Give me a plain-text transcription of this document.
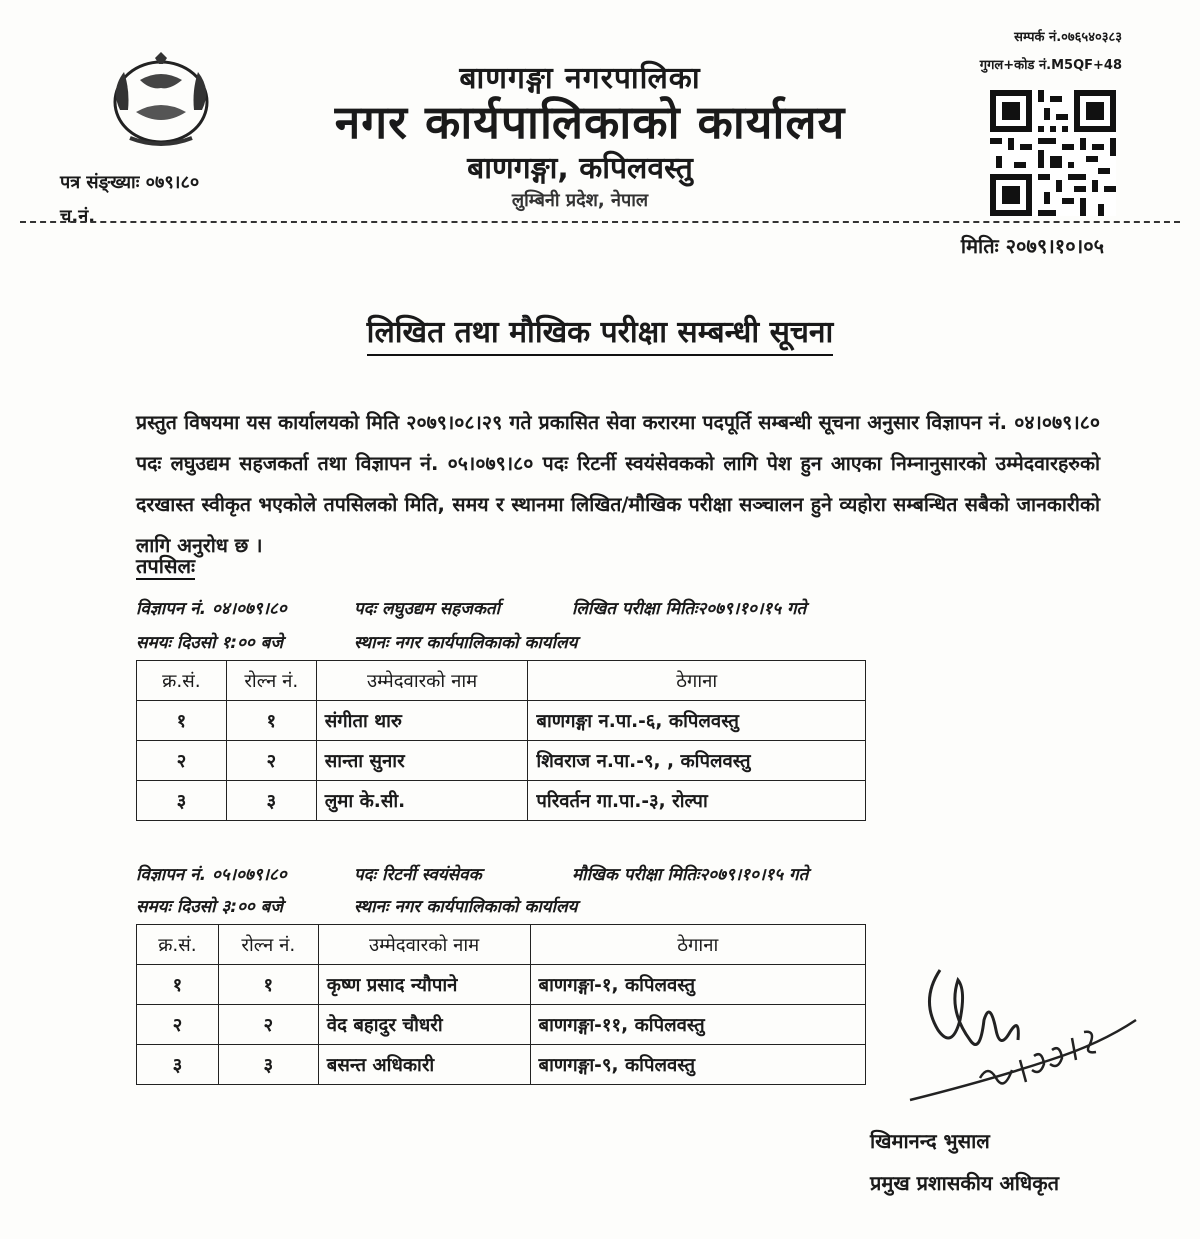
बाणगङ्गा नगरपालिका
नगर कार्यपालिकाको कार्यालय
बाणगङ्गा, कपिलवस्तु
लुम्बिनी प्रदेश, नेपाल
सम्पर्क नं.०७६५४०३८३
गुगल+कोड नं.M5QF+48
पत्र संङ्ख्याः ०७९।८०
च.नं.
मितिः २०७९।१०।०५
लिखित तथा मौखिक परीक्षा सम्बन्धी सूचना
प्रस्तुत विषयमा यस कार्यालयको मिति २०७९।०८।२९ गते प्रकासित सेवा करारमा पदपूर्ति सम्बन्धी सूचना अनुसार विज्ञापन नं. ०४।०७९।८० पदः लघुउद्यम सहजकर्ता तथा विज्ञापन नं. ०५।०७९।८० पदः रिटर्नी स्वयंसेवकको लागि पेश हुन आएका निम्नानुसारको उम्मेदवारहरुको दरखास्त स्वीकृत भएकोले तपसिलको मिति, समय र स्थानमा लिखित/मौखिक परीक्षा सञ्चालन हुने व्यहोरा सम्बन्धित सबैको जानकारीको लागि अनुरोध छ ।
तपसिलः
विज्ञापन नं. ०४।०७९।८०	पदः लघुउद्यम सहजकर्ता	लिखित परीक्षा मितिः२०७९।१०।१५ गते
समयः दिउसो १:०० बजे	स्थानः नगर कार्यपालिकाको कार्यालय
क्र.सं.	रोल्न नं.	उम्मेदवारको नाम	ठेगाना
१	१	संगीता थारु	बाणगङ्गा न.पा.-६, कपिलवस्तु
२	२	सान्ता सुनार	शिवराज न.पा.-९, , कपिलवस्तु
३	३	लुमा के.सी.	परिवर्तन गा.पा.-३, रोल्पा
विज्ञापन नं. ०५।०७९।८०	पदः रिटर्नी स्वयंसेवक	मौखिक परीक्षा मितिः२०७९।१०।१५ गते
समयः दिउसो ३:०० बजे	स्थानः नगर कार्यपालिकाको कार्यालय
क्र.सं.	रोल्न नं.	उम्मेदवारको नाम	ठेगाना
१	१	कृष्ण प्रसाद न्यौपाने	बाणगङ्गा-१, कपिलवस्तु
२	२	वेद बहादुर चौधरी	बाणगङ्गा-११, कपिलवस्तु
३	३	बसन्त अधिकारी	बाणगङ्गा-९, कपिलवस्तु
खिमानन्द भुसाल
प्रमुख प्रशासकीय अधिकृत
